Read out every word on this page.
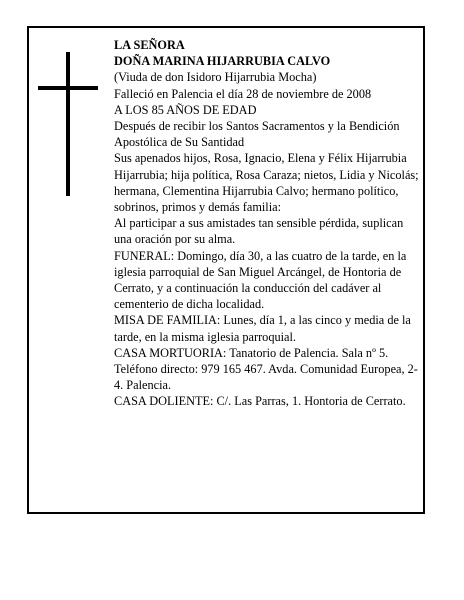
LA SEÑORA

DOÑA MARINA HIJARRUBIA CALVO

(Viuda de don Isidoro Hijarrubia Mocha)

Falleció en Palencia el día 28 de noviembre de 2008

A LOS 85 AÑOS DE EDAD

Después de recibir los Santos Sacramentos y la Bendición Apostólica de Su Santidad

Sus apenados hijos, Rosa, Ignacio, Elena y Félix Hijarrubia Hijarrubia; hija política, Rosa Caraza; nietos, Lidia y Nicolás; hermana, Clementina Hijarrubia Calvo; hermano político, sobrinos, primos y demás familia:

Al participar a sus amistades tan sensible pérdida, suplican una oración por su alma.

FUNERAL: Domingo, día 30, a las cuatro de la tarde, en la iglesia parroquial de San Miguel Arcángel, de Hontoria de Cerrato, y a continuación la conducción del cadáver al cementerio de dicha localidad.

MISA DE FAMILIA: Lunes, día 1, a las cinco y media de la tarde, en la misma iglesia parroquial.

CASA MORTUORIA: Tanatorio de Palencia. Sala nº 5. Teléfono directo: 979 165 467. Avda. Comunidad Europea, 2-4. Palencia.

CASA DOLIENTE: C/. Las Parras, 1. Hontoria de Cerrato.
